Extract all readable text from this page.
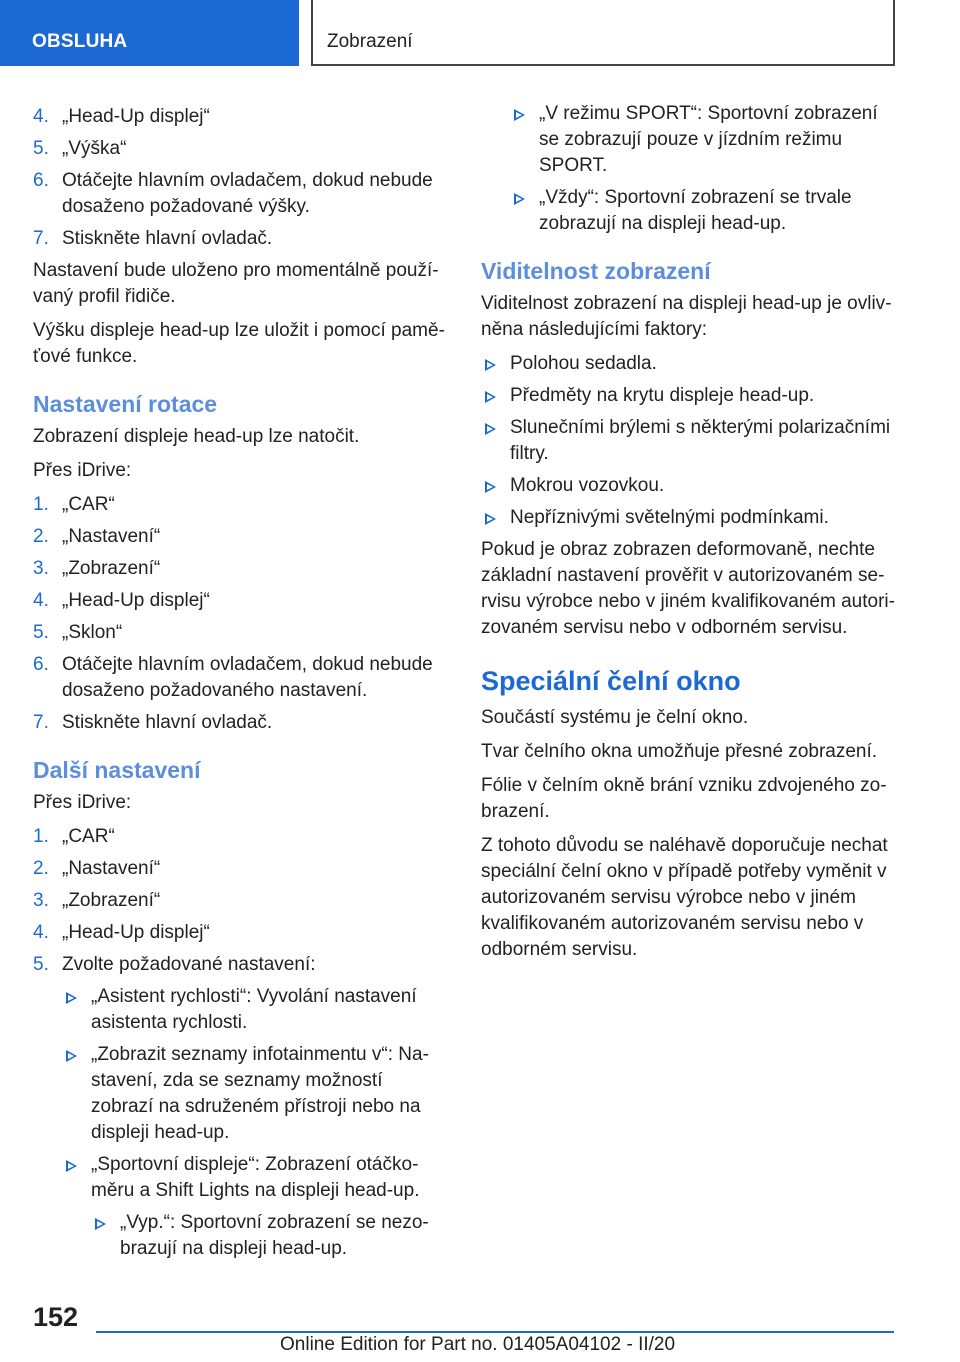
OBSLUHA	Zobrazení
4. „Head-Up displej“
5. „Výška“
6. Otáčejte hlavním ovladačem, dokud nebude dosaženo požadované výšky.
7. Stiskněte hlavní ovladač.

Nastavení bude uloženo pro momentálně používaný profil řidiče.

Výšku displeje head-up lze uložit i pomocí paměťové funkce.

Nastavení rotace

Zobrazení displeje head-up lze natočit.

Přes iDrive:

1. „CAR“
2. „Nastavení“
3. „Zobrazení“
4. „Head-Up displej“
5. „Sklon“
6. Otáčejte hlavním ovladačem, dokud nebude dosaženo požadovaného nastavení.
7. Stiskněte hlavní ovladač.
Další nastavení

Přes iDrive:

1. „CAR“
2. „Nastavení“
3. „Zobrazení“
4. „Head-Up displej“
5. Zvolte požadované nastavení:
„Asistent rychlosti“: Vyvolání nastavení asistenta rychlosti.
„Zobrazit seznamy infotainmentu v“: Nastavení, zda se seznamy možností zobrazí na sdruženém přístroji nebo na displeji head-up.
„Sportovní displeje“: Zobrazení otáčkoměru a Shift Lights na displeji head-up.
„Vyp.“: Sportovní zobrazení se nezobrazují na displeji head-up.
„V režimu SPORT“: Sportovní zobrazení se zobrazují pouze v jízdním režimu SPORT.
„Vždy“: Sportovní zobrazení se trvale zobrazují na displeji head-up.
Viditelnost zobrazení

Viditelnost zobrazení na displeji head-up je ovlivněna následujícími faktory:

Polohou sedadla.
Předměty na krytu displeje head-up.
Slunečními brýlemi s některými polarizačními filtry.
Mokrou vozovkou.
Nepříznivými světelnými podmínkami.

Pokud je obraz zobrazen deformovaně, nechte základní nastavení prověřit v autorizovaném servisu výrobce nebo v jiném kvalifikovaném autorizovaném servisu nebo v odborném servisu.

Speciální čelní okno

Součástí systému je čelní okno.

Tvar čelního okna umožňuje přesné zobrazení.

Fólie v čelním okně brání vzniku zdvojeného zobrazení.

Z tohoto důvodu se naléhavě doporučuje nechat speciální čelní okno v případě potřeby vyměnit v autorizovaném servisu výrobce nebo v jiném kvalifikovaném autorizovaném servisu nebo v odborném servisu.

152
Online Edition for Part no. 01405A04102 - II/20
